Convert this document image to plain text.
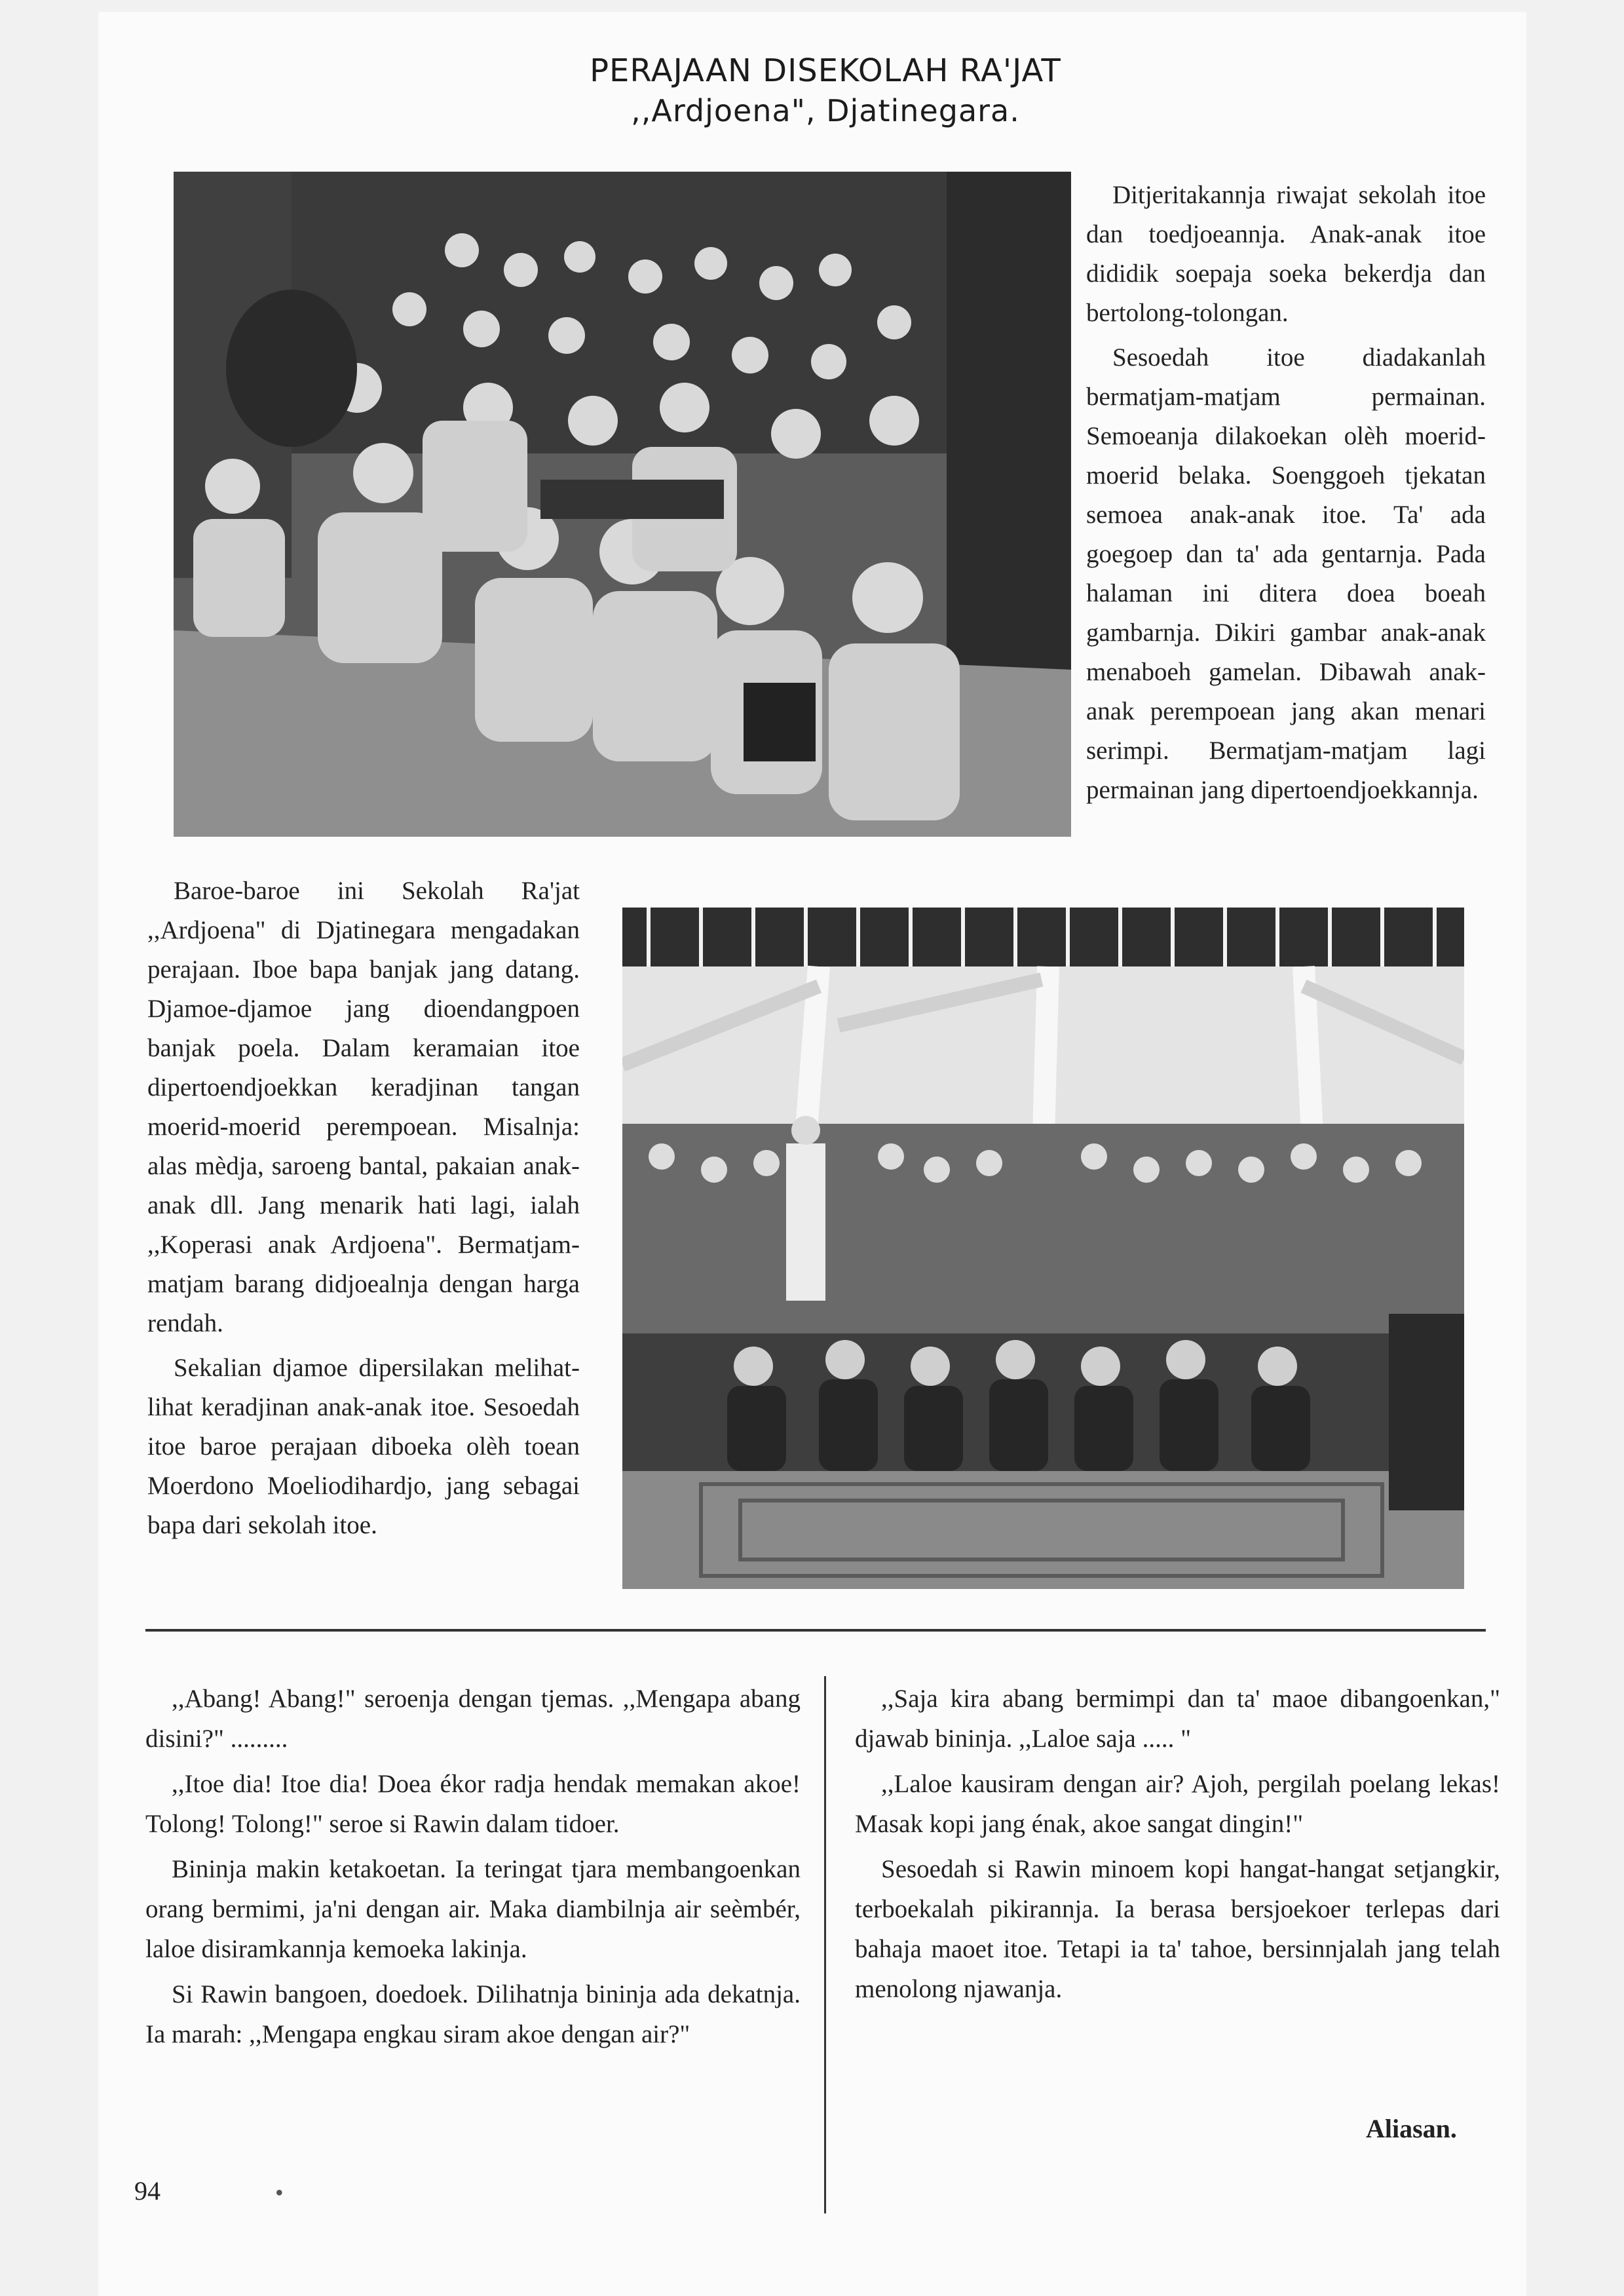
PERAJAAN DISEKOLAH RA'JAT
,,Ardjoena", Djatinegara.

Ditjeritakannja riwajat sekolah itoe dan toedjoeannja. Anak-anak itoe dididik soepaja soeka bekerdja dan bertolong-tolongan.

Sesoedah itoe diadakanlah bermatjam-matjam permainan. Semoeanja dilakoekan olèh moerid-moerid belaka. Soenggoeh tjekatan semoea anak-anak itoe. Ta' ada goegoep dan ta' ada gentarnja. Pada halaman ini ditera doea boeah gambarnja. Dikiri gambar anak-anak menaboeh gamelan. Dibawah anak-anak perempoean jang akan menari serimpi. Bermatjam-matjam lagi permainan jang dipertoendjoekkannja.

Baroe-baroe ini Sekolah Ra'jat ,,Ardjoena" di Djatinegara mengadakan perajaan. Iboe bapa banjak jang datang. Djamoe-djamoe jang dioendangpoen banjak poela. Dalam keramaian itoe dipertoendjoekkan keradjinan tangan moerid-moerid perempoean. Misalnja: alas mèdja, saroeng bantal, pakaian anak-anak dll. Jang menarik hati lagi, ialah ,,Koperasi anak Ardjoena". Bermatjam-matjam barang didjoealnja dengan harga rendah.

Sekalian djamoe dipersilakan melihat-lihat keradjinan anak-anak itoe. Sesoedah itoe baroe perajaan diboeka olèh toean Moerdono Moeliodihardjo, jang sebagai bapa dari sekolah itoe.

,,Abang! Abang!" seroenja dengan tjemas. ,,Mengapa abang disini?" .........

,,Itoe dia! Itoe dia! Doea ékor radja hendak memakan akoe! Tolong! Tolong!" seroe si Rawin dalam tidoer.

Bininja makin ketakoetan. Ia teringat tjara membangoenkan orang bermimi, ja'ni dengan air. Maka diambilnja air seèmbér, laloe disiramkannja kemoeka lakinja.

Si Rawin bangoen, doedoek. Dilihatnja bininja ada dekatnja. Ia marah: ,,Mengapa engkau siram akoe dengan air?"

,,Saja kira abang bermimpi dan ta' maoe dibangoenkan," djawab bininja. ,,Laloe saja ..... "

,,Laloe kausiram dengan air? Ajoh, pergilah poelang lekas! Masak kopi jang énak, akoe sangat dingin!"

Sesoedah si Rawin minoem kopi hangat-hangat setjangkir, terboekalah pikirannja. Ia berasa bersjoekoer terlepas dari bahaja maoet itoe. Tetapi ia ta' tahoe, bersinnjalah jang telah menolong njawanja.

Aliasan.
94	•
